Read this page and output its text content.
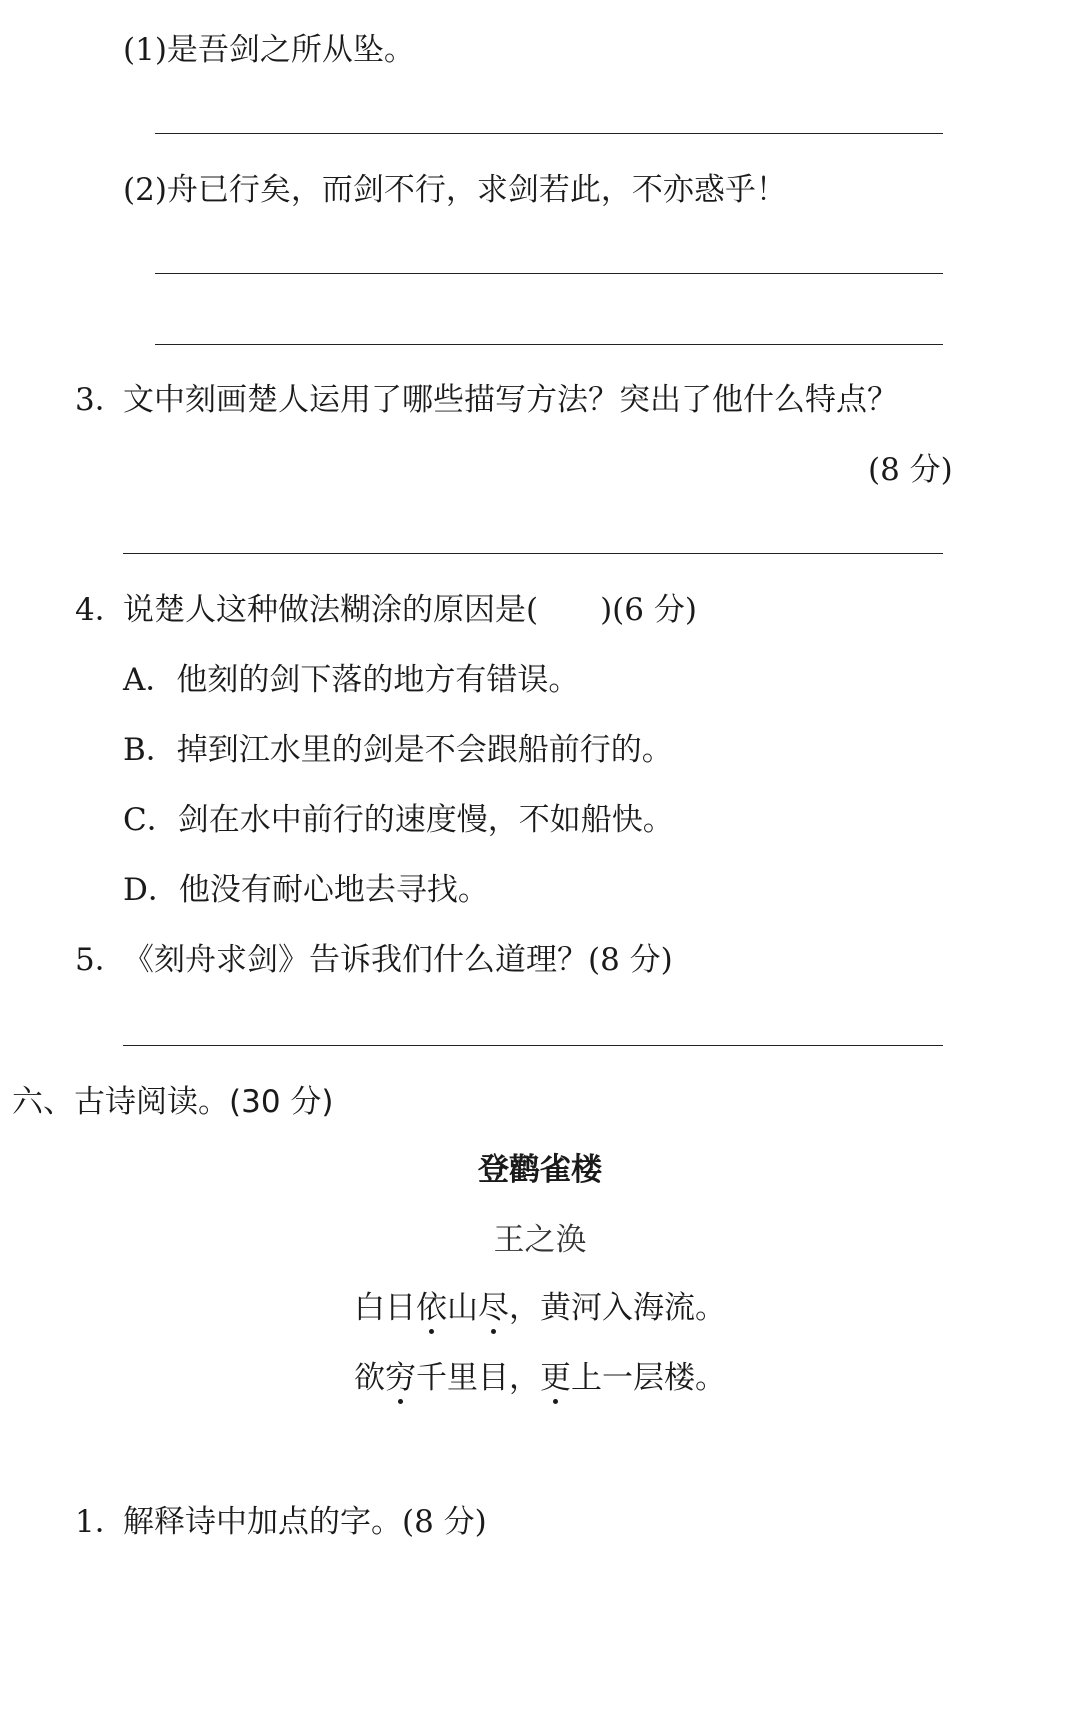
(1)是吾剑之所从坠。
(2)舟已行矣，而剑不行，求剑若此，不亦惑乎！
3．
文中刻画楚人运用了哪些描写方法？突出了他什么特点？
(8 分)
4．
说楚人这种做法糊涂的原因是(　　)(6 分)
A．他刻的剑下落的地方有错误。
B．掉到江水里的剑是不会跟船前行的。
C．剑在水中前行的速度慢，不如船快。
D．他没有耐心地去寻找。
5．
《刻舟求剑》告诉我们什么道理？(8 分)
六、古诗阅读。(30 分)
登鹳雀楼
王之涣
白日依山尽，黄河入海流。
欲穷千里目，更上一层楼。
1．
解释诗中加点的字。(8 分)
